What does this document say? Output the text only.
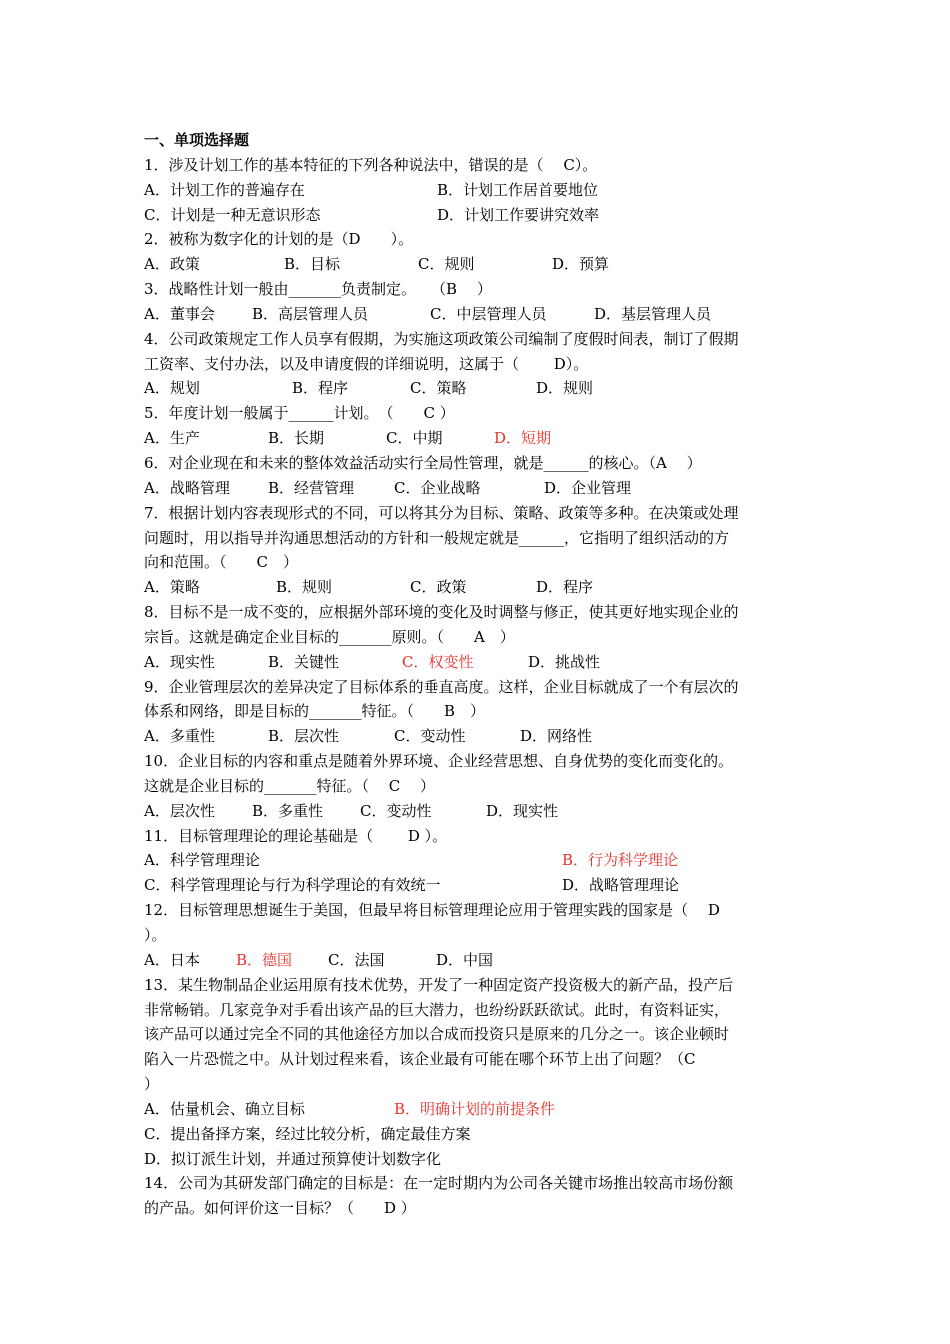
一、单项选择题
1．涉及计划工作的基本特征的下列各种说法中，错误的是（　 C）。

A．计划工作的普遍存在

	B．计划工作居首要地位

C．计划是一种无意识形态

	D．计划工作要讲究效率

2．被称为数字化的计划的是（D　　）。

A．政策

	B．目标

	C．规则

	D．预算

3．战略性计划一般由_______负责制定。　　（B　 ）

A．董事会

B．高层管理人员

	C．中层管理人员

	D．基层管理人员

4．公司政策规定工作人员享有假期，为实施这项政策公司编制了度假时间表，制订了假期
工资率、支付办法，以及申请度假的详细说明，这属于（　　 D）。

A．规划

	B．程序

	C．策略

	D．规则

5．年度计划一般属于______计划。　（　　C ）

A．生产

	B．长期

	C．中期

	D．短期

6．对企业现在和未来的整体效益活动实行全局性管理，就是______的核心。（A　 ）

A．战略管理

	B．经营管理

	C．企业战略

	D．企业管理

7．根据计划内容表现形式的不同，可以将其分为目标、策略、政策等多种。在决策或处理
问题时，用以指导并沟通思想活动的方针和一般规定就是______，它指明了组织活动的方
向和范围。（　　C　）

A．策略

	B．规则

	C．政策

	D．程序

8．目标不是一成不变的，应根据外部环境的变化及时调整与修正，使其更好地实现企业的
宗旨。这就是确定企业目标的_______原则。（　　A　）

A．现实性

	B．关键性

	C．权变性

	D．挑战性

9．企业管理层次的差异决定了目标体系的垂直高度。这样，企业目标就成了一个有层次的
体系和网络，即是目标的_______特征。（　　B　）

A．多重性

	B．层次性

	C．变动性

	D．网络性

10．企业目标的内容和重点是随着外界环境、企业经营思想、自身优势的变化而变化的。
这就是企业目标的_______特征。（　 C　 ）

A．层次性

B．多重性

C．变动性

	D．现实性

11．目标管理理论的理论基础是（　　 D ）。

A．科学管理理论

	B．行为科学理论

C．科学管理理论与行为科学理论的有效统一

	D．战略管理理论

12．目标管理思想诞生于美国，但最早将目标管理理论应用于管理实践的国家是（　 D
）。

A．日本

B．德国

C．法国

	D．中国

13．某生物制品企业运用原有技术优势，开发了一种固定资产投资极大的新产品，投产后
非常畅销。几家竞争对手看出该产品的巨大潜力，也纷纷跃跃欲试。此时，有资料证实，
该产品可以通过完全不同的其他途径方加以合成而投资只是原来的几分之一。该企业顿时
陷入一片恐慌之中。从计划过程来看，该企业最有可能在哪个环节上出了问题？（C
）

A．估量机会、确立目标

	B．明确计划的前提条件

C．提出备择方案，经过比较分析，确定最佳方案
D．拟订派生计划，并通过预算使计划数字化
14．公司为其研发部门确定的目标是：在一定时期内为公司各关键市场推出较高市场份额
的产品。如何评价这一目标？（　　D ）
